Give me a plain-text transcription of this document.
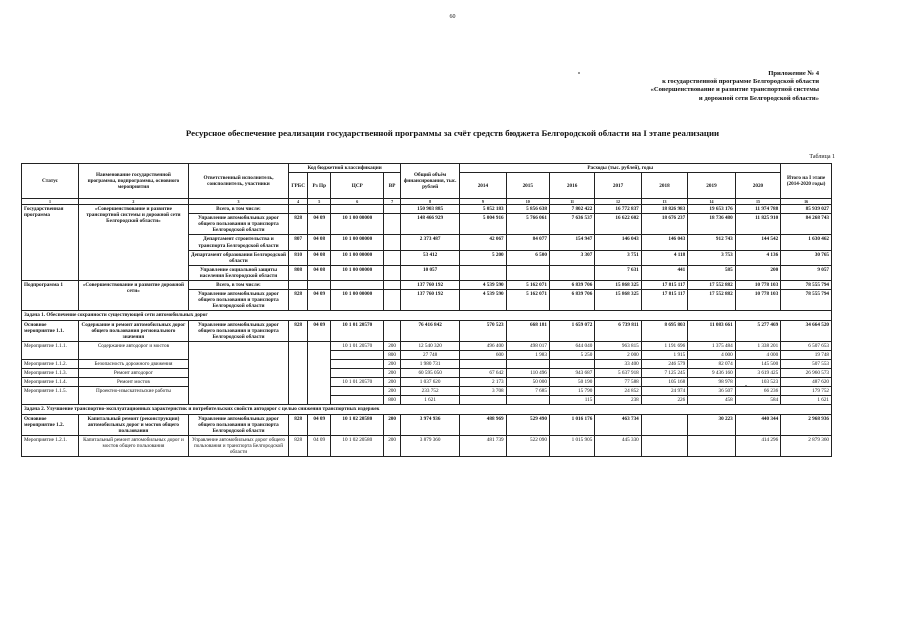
60
Приложение № 4
к государственной программе Белгородской области
«Совершенствование и развитие транспортной системы
и дорожной сети Белгородской области»
Ресурсное обеспечение реализации государственной программы за счёт средств бюджета Белгородской области на I этапе реализации
Таблица 1
Статус	Наименование государственной программы, подпрограммы, основного мероприятия	Ответственный исполнитель, соисполнитель, участники	Код бюджетной классификации				Общий объём финансирования, тыс. рублей	Расходы (тыс. рублей), годы							Итого на I этапе (2014-2020 годы)
			ГРБС	Рз Пр	ЦСР	ВР		2014	2015	2016	2017	2018	2019	2020	
1	2	3	4	5	6	7	8	9	10	11	12	13	14	15	16
Государственная программа	«Совершенствование и развитие транспортной системы и дорожной сети Белгородской области»	Всего, в том числе:					150 903 885	5 052 183	5 856 638	7 802 422	16 772 837	18 826 983	19 653 176	11 974 788	85 939 027
		Управление автомобильных дорог общего пользования и транспорта Белгородской области	828	04 09	10 1 00 00000		148 466 929	5 004 916	5 766 061	7 636 537	16 622 602	18 676 237	18 736 480	11 825 910	84 268 743
		Департамент строительства и транспорта Белгородской области	807	04 08	10 1 00 00000		2 373 487	42 067	84 077	154 947	146 043	146 043	912 743	144 542	1 630 462
		Департамент образования Белгородской области	810	04 08	10 1 00 00000		53 412	5 200	6 500	3 307	3 751	4 118	3 753	4 136	30 765
		Управление социальной защиты населения Белгородской области	808	04 08	10 1 00 00000		10 057				7 631	441	585	200	9 057
Подпрограмма 1	«Совершенствование и развитие дорожной сети»	Всего, в том числе:					137 760 192	4 539 590	5 162 071	6 839 706	15 868 325	17 815 117	17 552 882	10 778 103	78 555 794
		Управление автомобильных дорог общего пользования и транспорта Белгородской области	828	04 09	10 1 00 00000		137 760 192	4 539 590	5 162 071	6 839 706	15 868 325	17 815 117	17 552 882	10 778 103	78 555 794
Задача 1. Обеспечение сохранности существующей сети автомобильных дорог															
Основное мероприятие 1.1.	Содержание и ремонт автомобильных дорог общего пользования регионального значения	Управление автомобильных дорог общего пользования и транспорта Белгородской области	828	04 09	10 1 01 20570		76 416 842	570 523	668 181	1 659 072	6 739 811	8 695 803	11 083 661	5 277 469	34 664 520
Мероприятие 1.1.1.	Содержание автодорог и мостов				10 1 01 20570	200	12 540 320	496 400	498 017	644 040	963 815	1 191 696	1 375 484	1 338 201	6 507 653
						800	27 748	600	1 983	5 250	2 000	1 915	4 000	4 000	19 748
Мероприятие 1.1.2.	Безопасность дорожного движения					200	1 980 731				33 400	246 579	82 074	145 500	507 553
Мероприятие 1.1.3.	Ремонт автодорог					200	60 595 050	67 642	110 496	943 687	5 637 918	7 125 245	9 436 160	3 619 425	26 960 573
Мероприятие 1.1.4.	Ремонт мостов				10 1 01 20570	200	1 037 620	2 173	50 000	50 190	77 588	105 168	98 978	103 523	487 620
Мероприятие 1.1.5.	Проектно-изыскательские работы					200	233 752	3 708	7 685	15 790	24 852	24 974	36 507	66 236	179 752
						800	1 621			115	238	226	458	584	1 621
Задача 2. Улучшение транспортно-эксплуатационных характеристик и потребительских свойств автодорог с целью снижения транспортных издержек															
Основное мероприятие 1.2.	Капитальный ремонт (реконструкция) автомобильных дорог и мостов общего пользования	Управление автомобильных дорог общего пользования и транспорта Белгородской области	828	04 09	10 1 02 20580	200	3 974 936	488 969	529 490	1 016 176	463 734		30 223	440 344	2 968 936
Мероприятие 1.2.1.	Капитальный ремонт автомобильных дорог и мостов общего пользования	Управление автомобильных дорог общего пользования и транспорта Белгородской области	828	04 09	10 1 02 20580	200	3 879 360	481 739	522 090	1 015 905	445 330			414 296	2 879 360
